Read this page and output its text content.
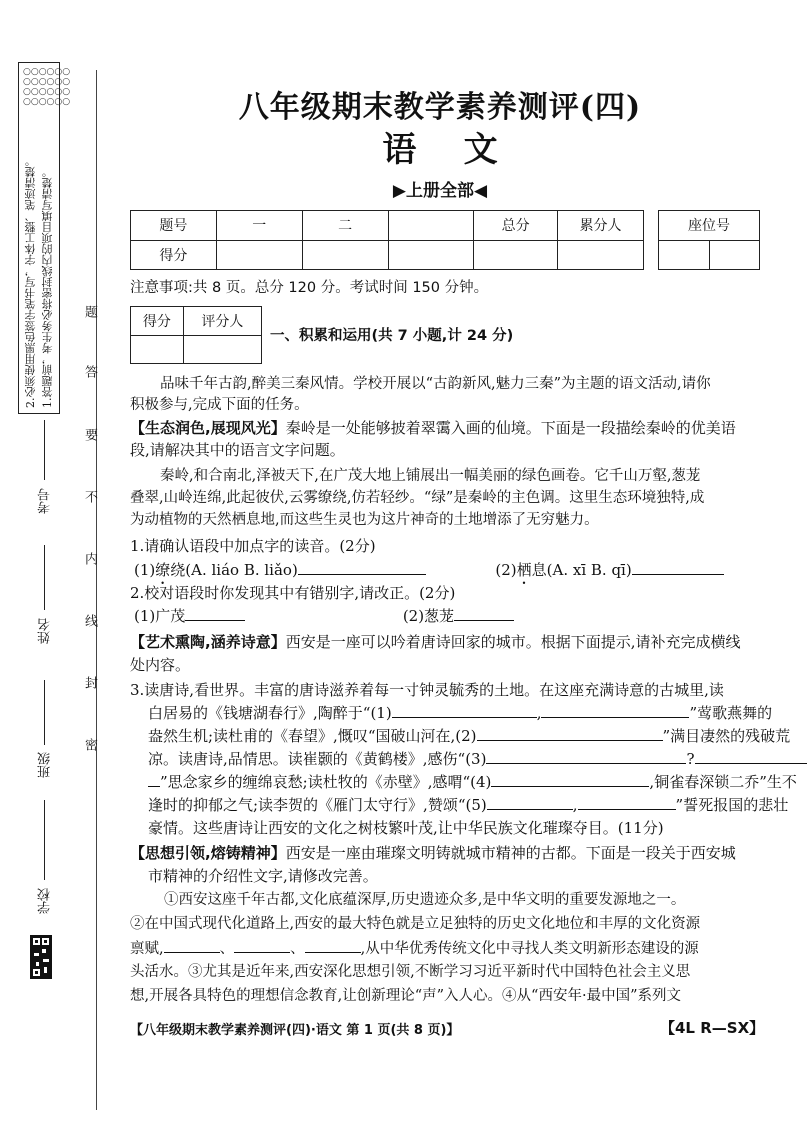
○○○○○○ ○○○○○○ ○○○○○○ ○○○○○○
1.答题前，考生务必将密封线内的项目填写清楚。
2.必须使用黑色签字笔书写，字体工整、笔迹清楚。	答
题
要
不
内
线
封
密
学校
班级
姓名
考号
八年级期末教学素养测评(四)
语    文
▶上册全部◀
题号	一	二		总分	累分人
得分					
座位号

注意事项:共 8 页。总分 120 分。考试时间 150 分钟。
得分	评分人

一、积累和运用(共 7 小题,计 24 分)
品味千年古韵,醉美三秦风情。学校开展以“古韵新风,魅力三秦”为主题的语文活动,请你
积极参与,完成下面的任务。
【生态润色,展现风光】秦岭是一处能够披着翠霭入画的仙境。下面是一段描绘秦岭的优美语
段,请解决其中的语言文字问题。
秦岭,和合南北,泽被天下,在广茂大地上铺展出一幅美丽的绿色画卷。它千山万壑,葱茏
叠翠,山岭连绵,此起彼伏,云雾缭绕,仿若轻纱。“绿”是秦岭的主色调。这里生态环境独特,成
为动植物的天然栖息地,而这些生灵也为这片神奇的土地增添了无穷魅力。
1.请确认语段中加点字的读音。(2分)
(1)缭绕(A. liáo B. liǎo)	(2)栖息(A. xī B. qī)
2.校对语段时你发现其中有错别字,请改正。(2分)
(1)广茂	(2)葱茏
【艺术熏陶,涵养诗意】西安是一座可以吟着唐诗回家的城市。根据下面提示,请补充完成横线
处内容。
3.读唐诗,看世界。丰富的唐诗滋养着每一寸钟灵毓秀的土地。在这座充满诗意的古城里,读
白居易的《钱塘湖春行》,陶醉于“(1)	,	”莺歌燕舞的
盎然生机;读杜甫的《春望》,慨叹“国破山河在,(2)	”满目凄然的残破荒
凉。读唐诗,品情思。读崔颢的《黄鹤楼》,感伤“(3)	?
”思念家乡的缠绵哀愁;读杜牧的《赤壁》,感喟“(4)	,铜雀春深锁二乔”生不
逢时的抑郁之气;读李贺的《雁门太守行》,赞颂“(5)	,	”誓死报国的悲壮
豪情。这些唐诗让西安的文化之树枝繁叶茂,让中华民族文化璀璨夺目。(11分)
【思想引领,熔铸精神】西安是一座由璀璨文明铸就城市精神的古都。下面是一段关于西安城
市精神的介绍性文字,请修改完善。
①西安这座千年古都,文化底蕴深厚,历史遗迹众多,是中华文明的重要发源地之一。
②在中国式现代化道路上,西安的最大特色就是立足独特的历史文化地位和丰厚的文化资源
禀赋,	、	、	,从中华优秀传统文化中寻找人类文明新形态建设的源
头活水。③尤其是近年来,西安深化思想引领,不断学习习近平新时代中国特色社会主义思
想,开展各具特色的理想信念教育,让创新理论“声”入人心。④从“西安年·最中国”系列文
【八年级期末教学素养测评(四)·语文 第 1 页(共 8 页)】	【4L R—SX】
